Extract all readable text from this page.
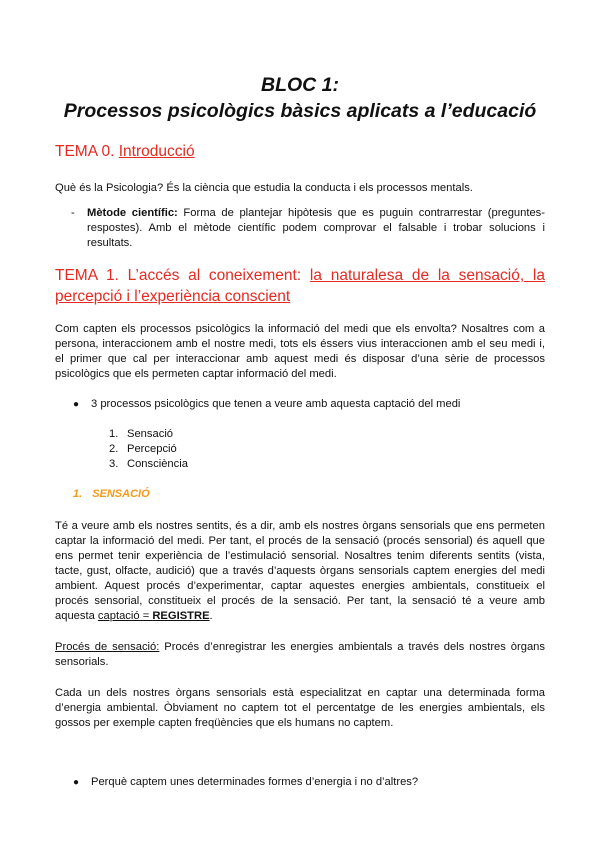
BLOC 1:

Processos psicològics bàsics aplicats a l’educació

TEMA 0. Introducció

Què és la Psicologia? És la ciència que estudia la conducta i els processos mentals.

- Mètode científic: Forma de plantejar hipòtesis que es puguin contrarrestar (preguntes-respostes). Amb el mètode científic podem comprovar el falsable i trobar solucions i resultats.

TEMA 1. L’accés al coneixement: la naturalesa de la sensació, la percepció i l’experiència conscient

Com capten els processos psicològics la informació del medi que els envolta? Nosaltres com a persona, interaccionem amb el nostre medi, tots els éssers vius interaccionen amb el seu medi i, el primer que cal per interaccionar amb aquest medi és disposar d’una sèrie de processos psicològics que els permeten captar informació del medi.

● 3 processos psicològics que tenen a veure amb aquesta captació del medi

1. Sensació
2. Percepció
3. Consciència

1. SENSACIÓ

Té a veure amb els nostres sentits, és a dir, amb els nostres òrgans sensorials que ens permeten captar la informació del medi. Per tant, el procés de la sensació (procés sensorial) és aquell que ens permet tenir experiència de l’estimulació sensorial. Nosaltres tenim diferents sentits (vista, tacte, gust, olfacte, audició) que a través d’aquests òrgans sensorials captem energies del medi ambient. Aquest procés d’experimentar, captar aquestes energies ambientals, constitueix el procés sensorial, constitueix el procés de la sensació. Per tant, la sensació té a veure amb aquesta captació = REGISTRE.

Procés de sensació: Procés d’enregistrar les energies ambientals a través dels nostres òrgans sensorials.

Cada un dels nostres òrgans sensorials està especialitzat en captar una determinada forma d’energia ambiental. Òbviament no captem tot el percentatge de les energies ambientals, els gossos per exemple capten freqüències que els humans no captem.

● Perquè captem unes determinades formes d’energia i no d’altres?
